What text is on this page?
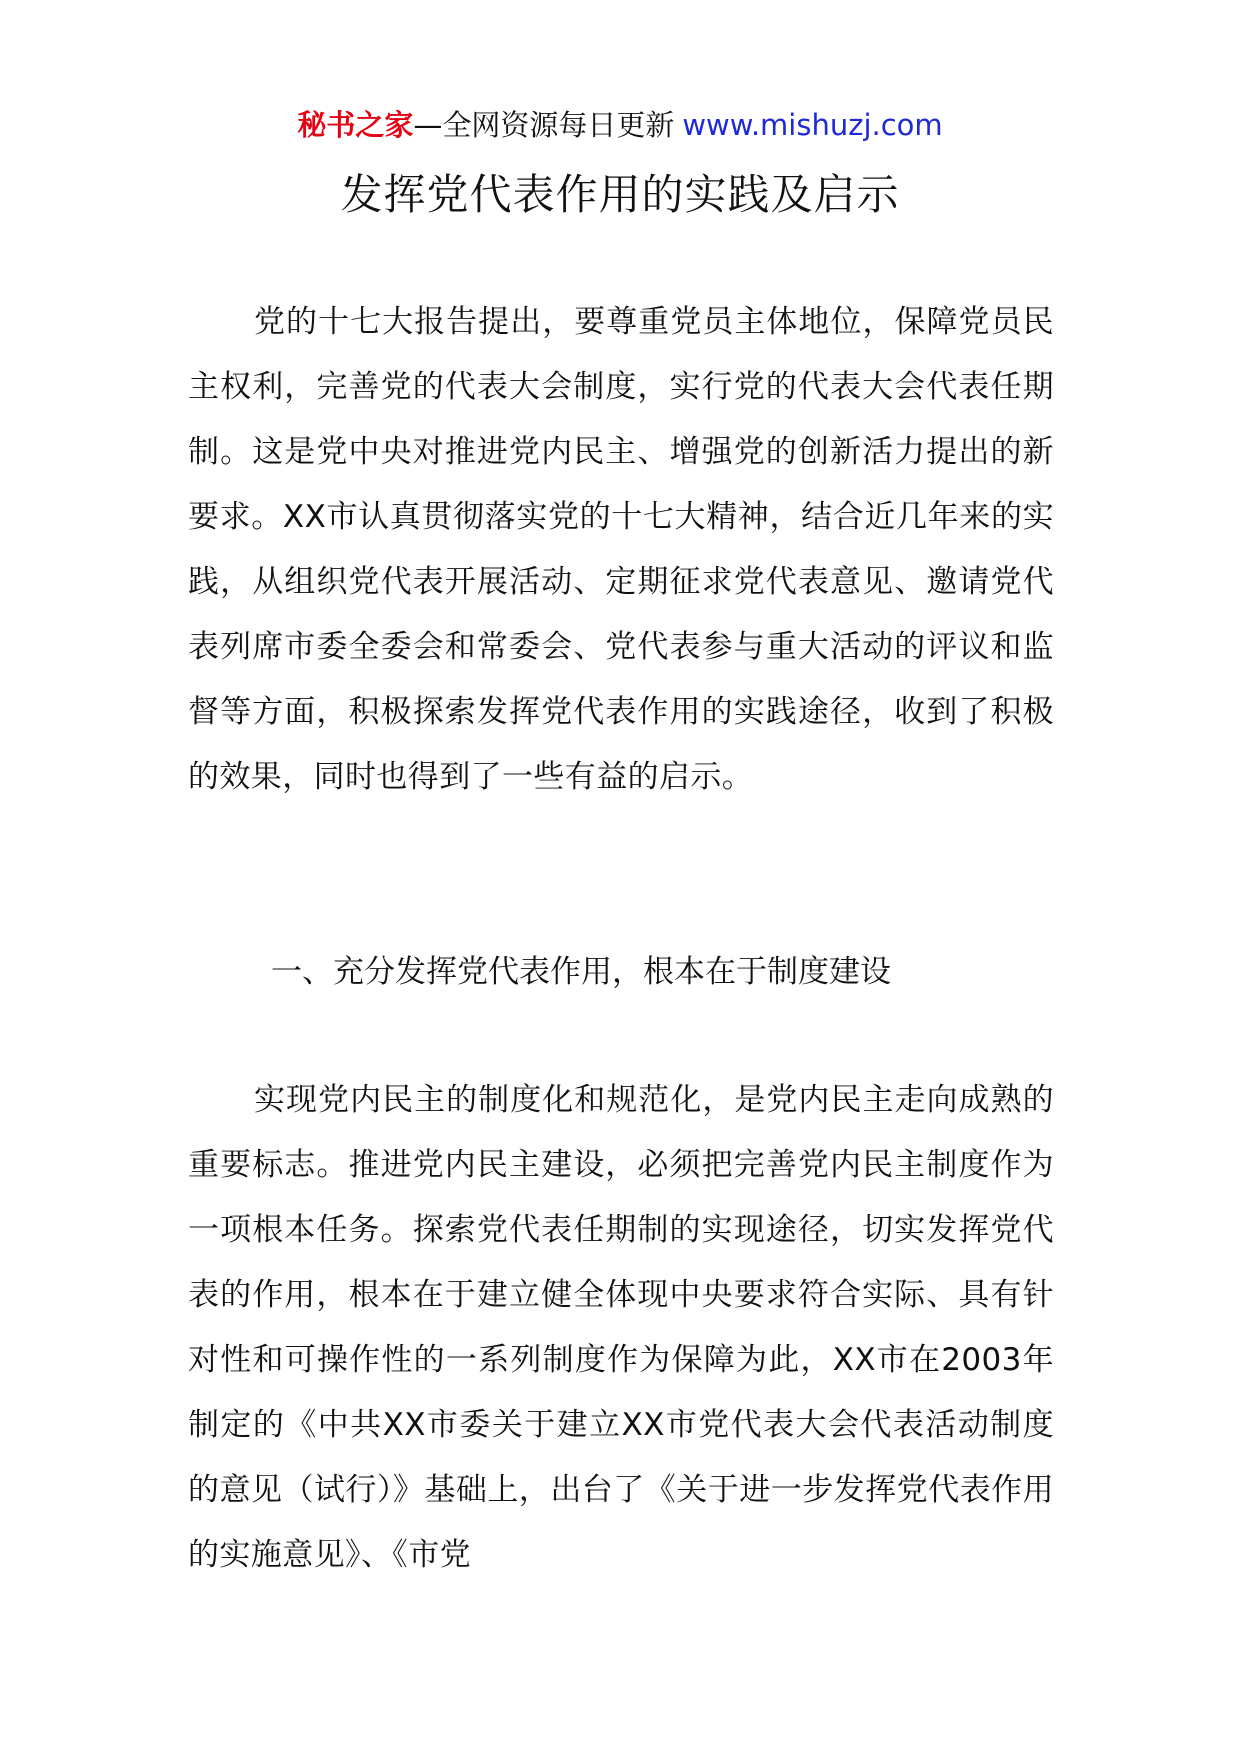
秘书之家—全网资源每日更新 www.mishuzj.com
发挥党代表作用的实践及启示

党的十七大报告提出，要尊重党员主体地位，保障党员民主权利，完善党的代表大会制度，实行党的代表大会代表任期制。这是党中央对推进党内民主、增强党的创新活力提出的新要求。XX市认真贯彻落实党的十七大精神，结合近几年来的实践，从组织党代表开展活动、定期征求党代表意见、邀请党代表列席市委全委会和常委会、党代表参与重大活动的评议和监督等方面，积极探索发挥党代表作用的实践途径，收到了积极的效果，同时也得到了一些有益的启示。

一、充分发挥党代表作用，根本在于制度建设

实现党内民主的制度化和规范化，是党内民主走向成熟的重要标志。推进党内民主建设，必须把完善党内民主制度作为一项根本任务。探索党代表任期制的实现途径，切实发挥党代表的作用，根本在于建立健全体现中央要求符合实际、具有针对性和可操作性的一系列制度作为保障为此，XX市在2003年制定的《中共XX市委关于建立XX市党代表大会代表活动制度的意见（试行）》基础上，出台了《关于进一步发挥党代表作用的实施意见》、《市党
